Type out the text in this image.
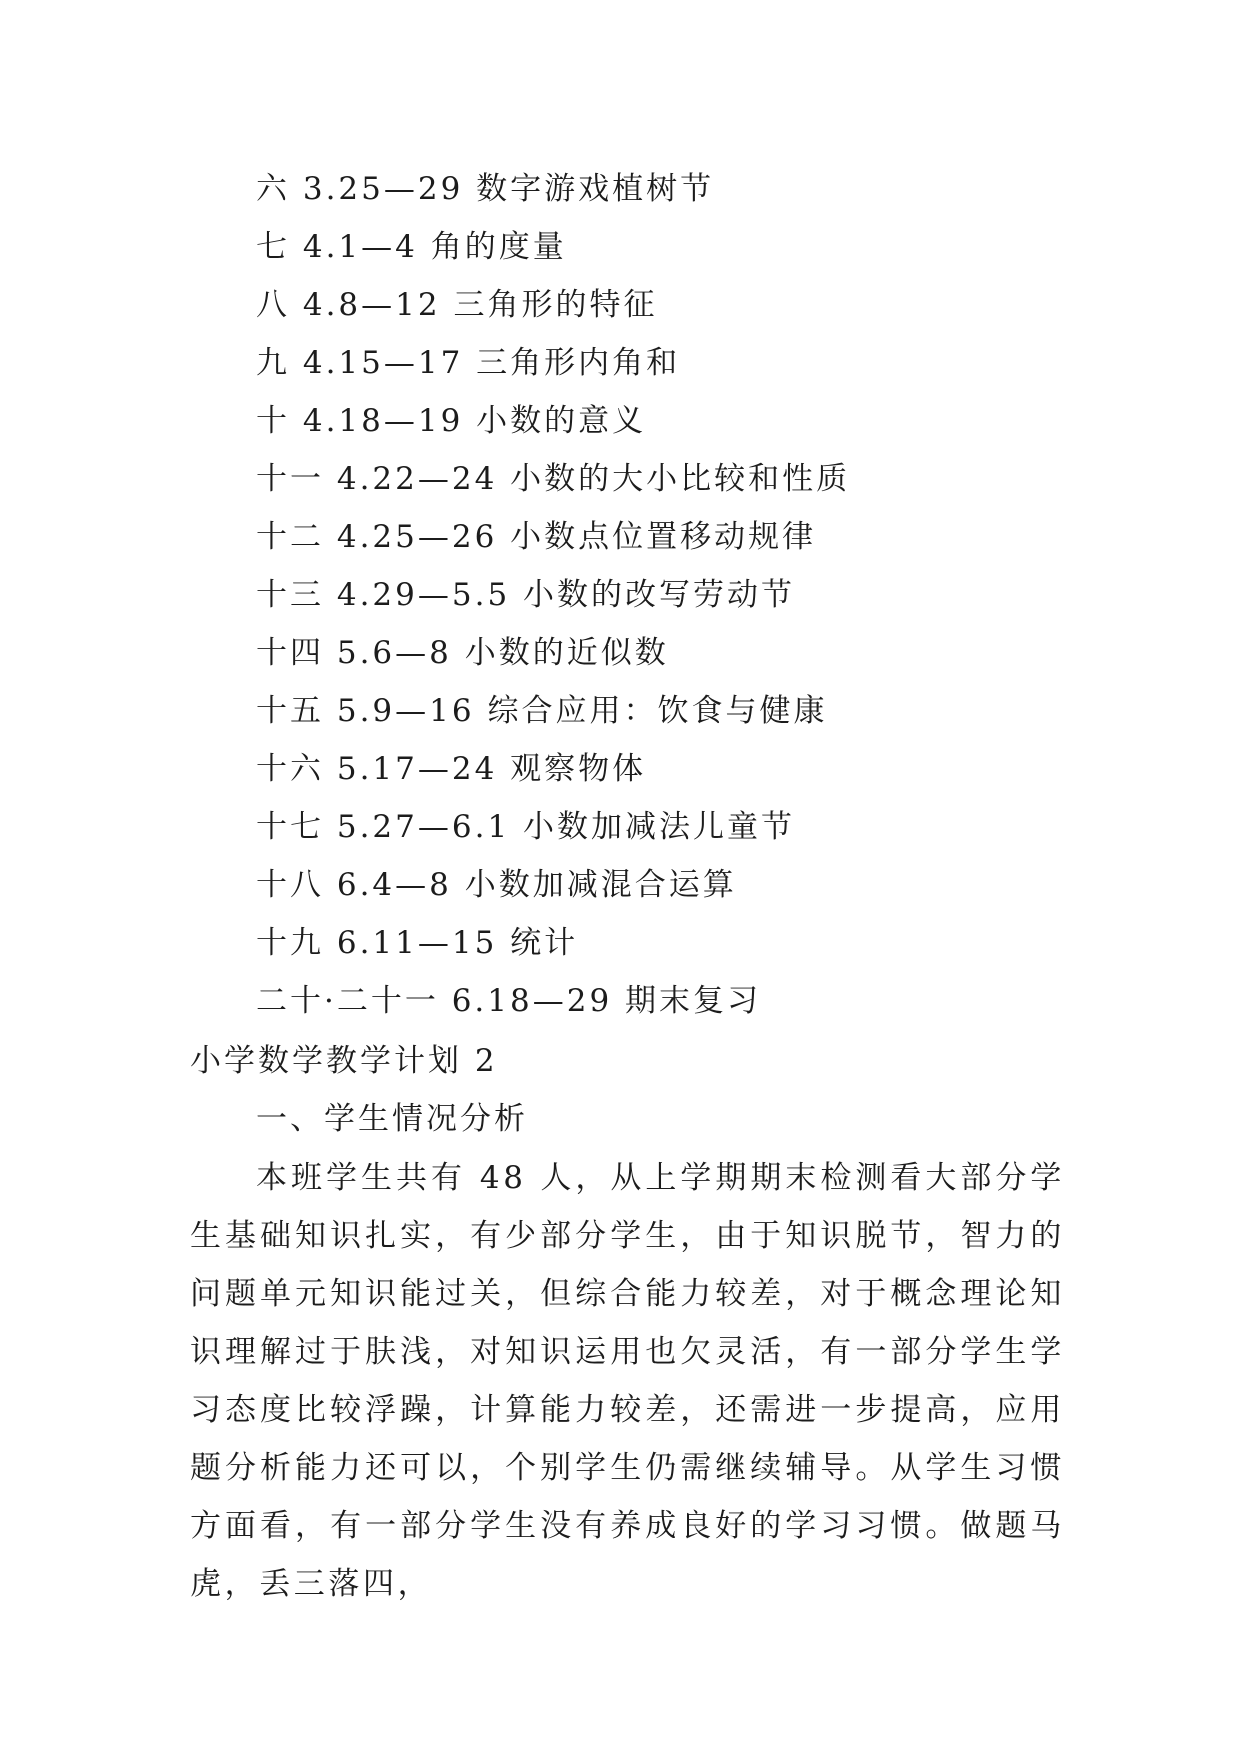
六 3.25—29 数字游戏植树节
七 4.1—4 角的度量
八 4.8—12 三角形的特征
九 4.15—17 三角形内角和
十 4.18—19 小数的意义
十一 4.22—24 小数的大小比较和性质
十二 4.25—26 小数点位置移动规律
十三 4.29—5.5 小数的改写劳动节
十四 5.6—8 小数的近似数
十五 5.9—16 综合应用：饮食与健康
十六 5.17—24 观察物体
十七 5.27—6.1 小数加减法儿童节
十八 6.4—8 小数加减混合运算
十九 6.11—15 统计
二十·二十一 6.18—29 期末复习
小学数学教学计划 2
一、学生情况分析

本班学生共有 48 人，从上学期期末检测看大部分学生基础知识扎实，有少部分学生，由于知识脱节，智力的问题单元知识能过关，但综合能力较差，对于概念理论知识理解过于肤浅，对知识运用也欠灵活，有一部分学生学习态度比较浮躁，计算能力较差，还需进一步提高，应用题分析能力还可以，个别学生仍需继续辅导。从学生习惯方面看，有一部分学生没有养成良好的学习习惯。做题马虎，丢三落四，
